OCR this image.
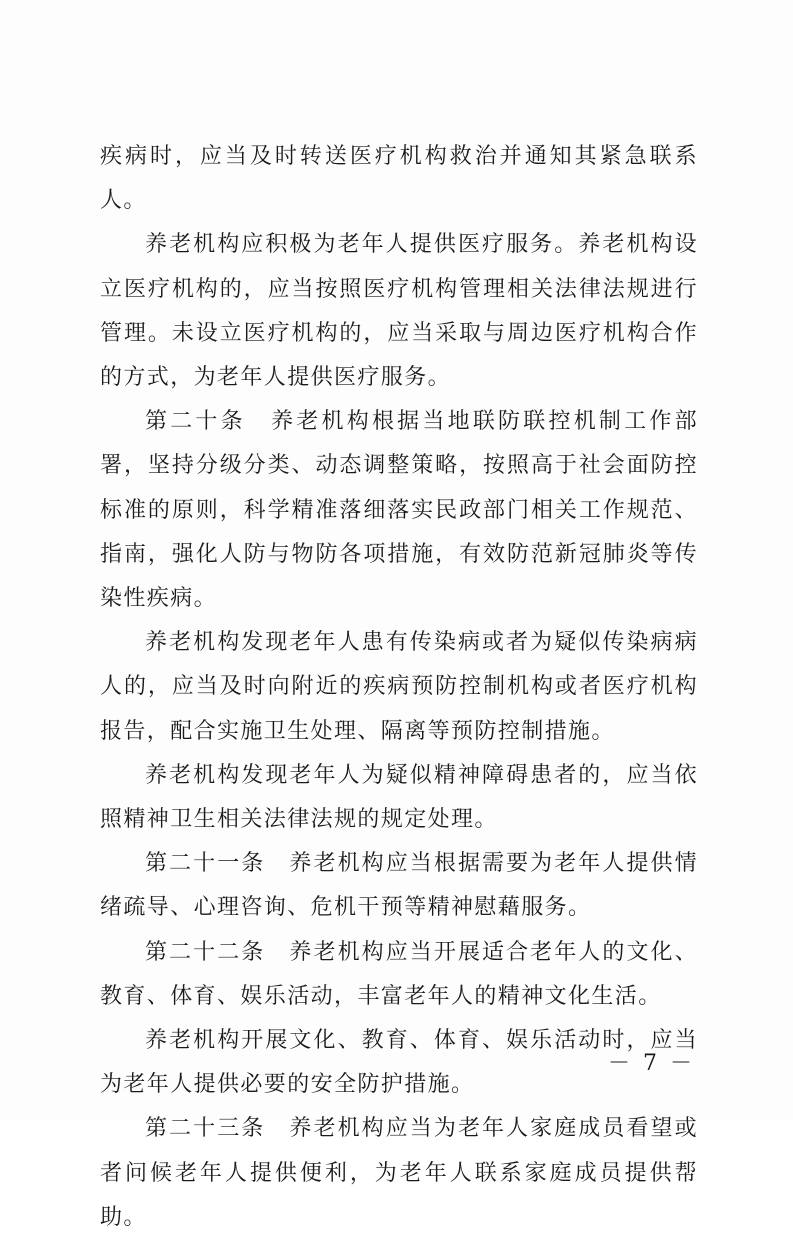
疾病时，应当及时转送医疗机构救治并通知其紧急联系人。

养老机构应积极为老年人提供医疗服务。养老机构设立医疗机构的，应当按照医疗机构管理相关法律法规进行管理。未设立医疗机构的，应当采取与周边医疗机构合作的方式，为老年人提供医疗服务。

第二十条　养老机构根据当地联防联控机制工作部署，坚持分级分类、动态调整策略，按照高于社会面防控标准的原则，科学精准落细落实民政部门相关工作规范、指南，强化人防与物防各项措施，有效防范新冠肺炎等传染性疾病。

养老机构发现老年人患有传染病或者为疑似传染病病人的，应当及时向附近的疾病预防控制机构或者医疗机构报告，配合实施卫生处理、隔离等预防控制措施。

养老机构发现老年人为疑似精神障碍患者的，应当依照精神卫生相关法律法规的规定处理。

第二十一条　养老机构应当根据需要为老年人提供情绪疏导、心理咨询、危机干预等精神慰藉服务。

第二十二条　养老机构应当开展适合老年人的文化、教育、体育、娱乐活动，丰富老年人的精神文化生活。

养老机构开展文化、教育、体育、娱乐活动时，应当为老年人提供必要的安全防护措施。

第二十三条　养老机构应当为老年人家庭成员看望或者问候老年人提供便利，为老年人联系家庭成员提供帮助。

－ 7 －
